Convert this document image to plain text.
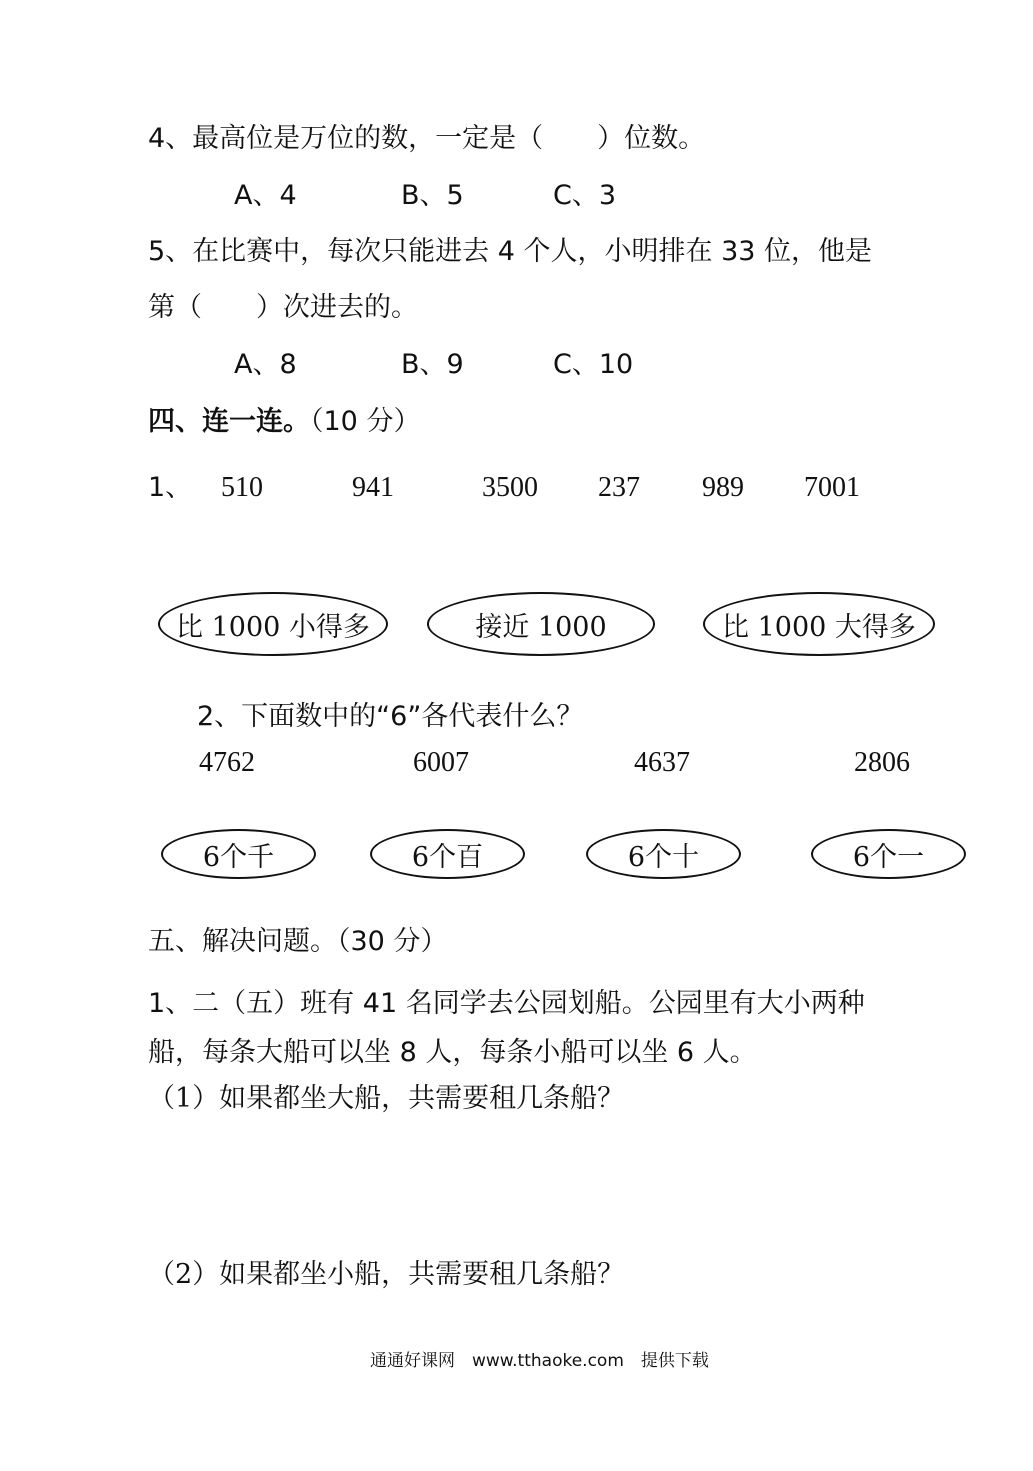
4、最高位是万位的数，一定是（　　）位数。
A、4	B、5	C、3
5、在比赛中，每次只能进去 4 个人，小明排在 33 位，他是
第（　　）次进去的。
A、8	B、9	C、10
四、连一连。（10 分）
1、 510	941	3500 237 989 7001
比 1000 小得多	接近 1000	比 1000 大得多
2、下面数中的“6”各代表什么？
4762	6007	4637	2806
6个千	6个百	6个十	6个一
五、解决问题。（30 分）
1、二（五）班有 41 名同学去公园划船。公园里有大小两种
船，每条大船可以坐 8 人，每条小船可以坐 6 人。
（1）如果都坐大船，共需要租几条船？
（2）如果都坐小船，共需要租几条船？
通通好课网　www.tthaoke.com　提供下载
